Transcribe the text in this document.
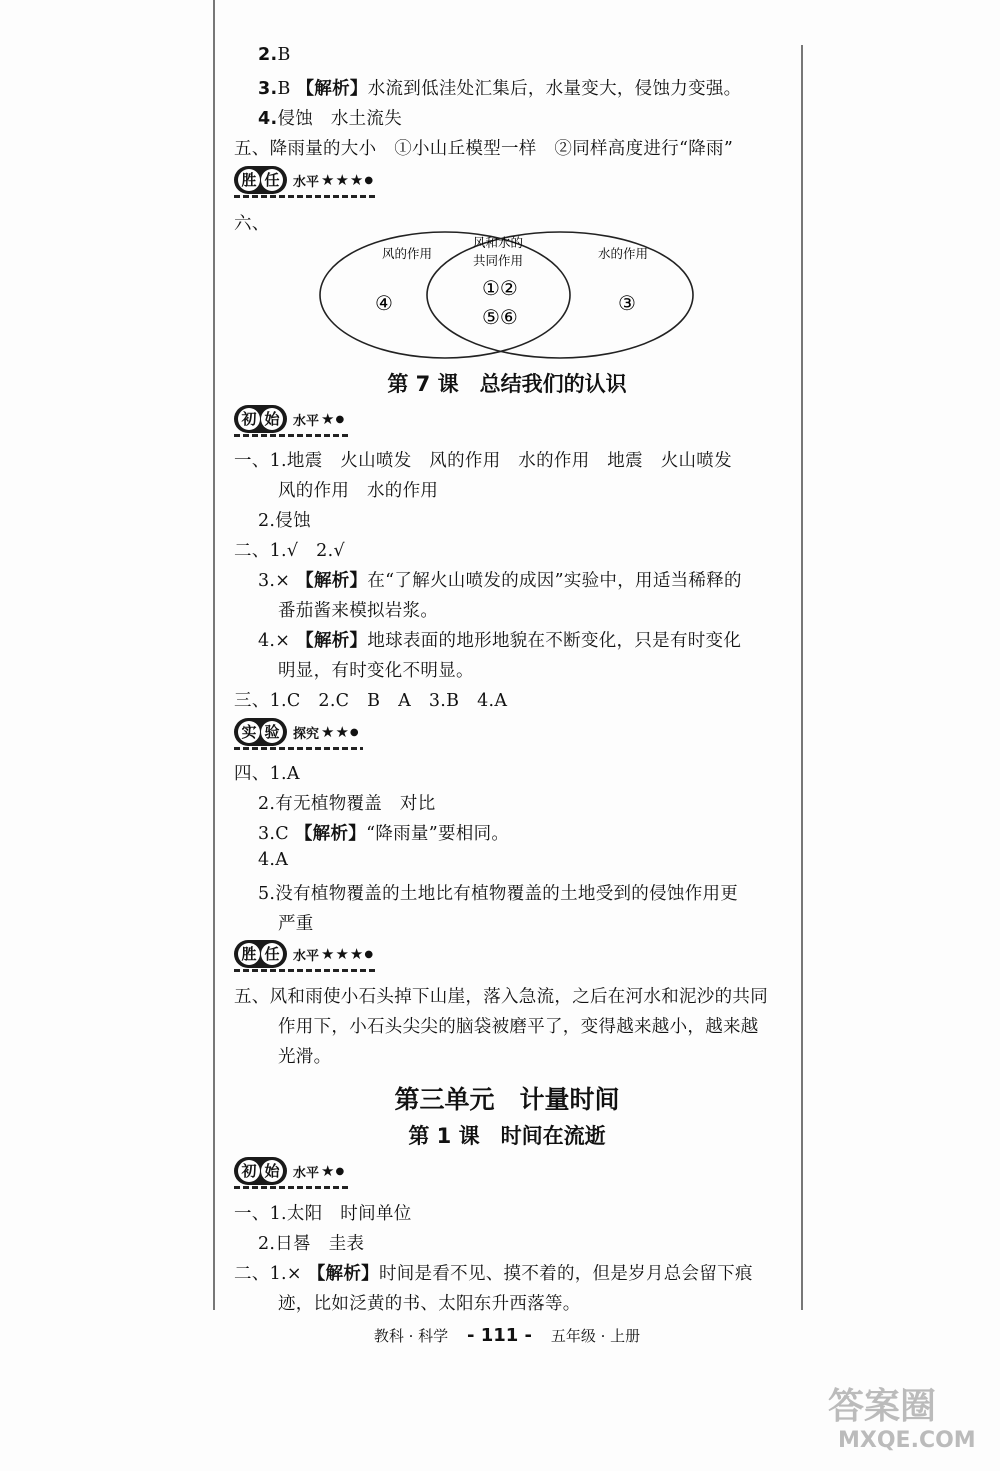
2.B
3.B 【解析】水流到低洼处汇集后，水量变大，侵蚀力变强。
4.侵蚀　水土流失
五、降雨量的大小　①小山丘模型一样　②同样高度进行“降雨”
胜 任 水平 ★★★ ●
六、
风的作用
风和水的
共同作用	水的作用
④
①②
⑤⑥
③
第 7 课　总结我们的认识
初 始 水平 ★ ●
一、1.地震　火山喷发　风的作用　水的作用　地震　火山喷发
风的作用　水的作用
2.侵蚀
二、1.√　2.√
3.× 【解析】在“了解火山喷发的成因”实验中，用适当稀释的
番茄酱来模拟岩浆。
4.× 【解析】地球表面的地形地貌在不断变化，只是有时变化
明显，有时变化不明显。
三、1.C　2.C　B　A　3.B　4.A
实 验 探究 ★★ ●
四、1.A
2.有无植物覆盖　对比
3.C 【解析】“降雨量”要相同。
4.A
5.没有植物覆盖的土地比有植物覆盖的土地受到的侵蚀作用更
严重
胜 任 水平 ★★★ ●
五、风和雨使小石头掉下山崖，落入急流，之后在河水和泥沙的共同
作用下，小石头尖尖的脑袋被磨平了，变得越来越小，越来越
光滑。
第三单元　计量时间
第 1 课　时间在流逝
初 始 水平 ★ ●
一、1.太阳　时间单位
2.日晷　圭表
二、1.× 【解析】时间是看不见、摸不着的，但是岁月总会留下痕
迹，比如泛黄的书、太阳东升西落等。
教科 · 科学 - 111 - 五年级 · 上册
答案圈
MXQE.COM
